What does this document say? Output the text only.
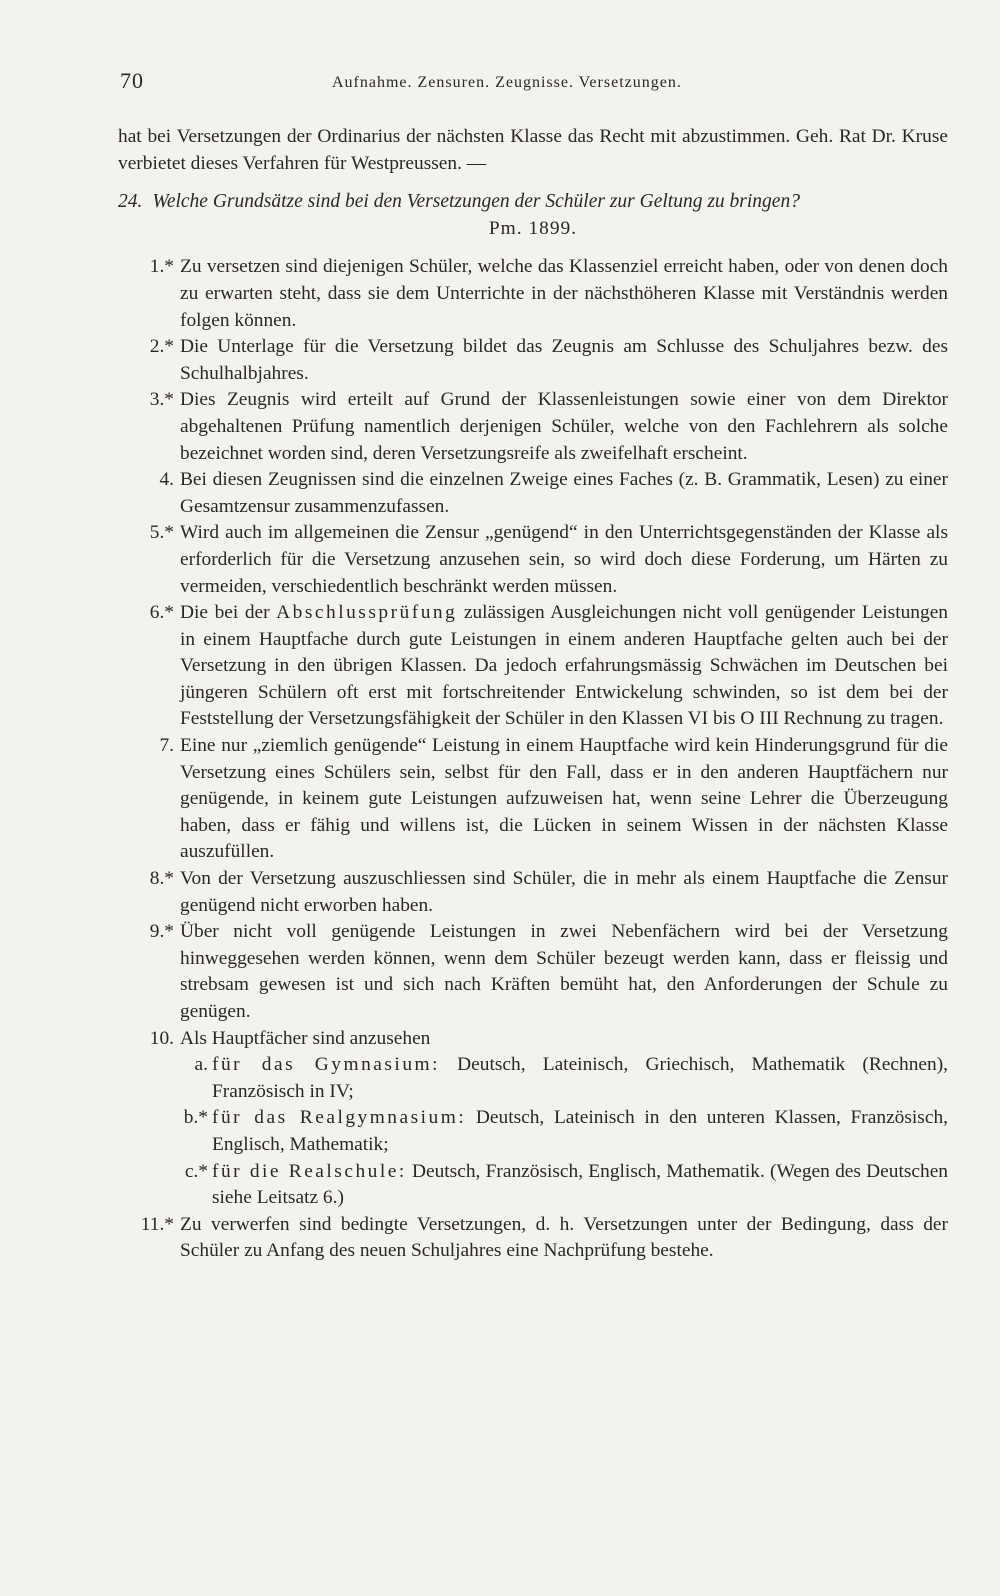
70	Aufnahme. Zensuren. Zeugnisse. Versetzungen.

hat bei Versetzungen der Ordinarius der nächsten Klasse das Recht mit abzustimmen. Geh. Rat Dr. Kruse verbietet dieses Verfahren für Westpreussen. —

24. Welche Grundsätze sind bei den Versetzungen der Schüler zur Geltung zu bringen?

Pm. 1899.

1.* Zu versetzen sind diejenigen Schüler, welche das Klassenziel erreicht haben, oder von denen doch zu erwarten steht, dass sie dem Unterrichte in der nächsthöheren Klasse mit Verständnis werden folgen können.
2.* Die Unterlage für die Versetzung bildet das Zeugnis am Schlusse des Schuljahres bezw. des Schulhalbjahres.
3.* Dies Zeugnis wird erteilt auf Grund der Klassenleistungen sowie einer von dem Direktor abgehaltenen Prüfung namentlich derjenigen Schüler, welche von den Fachlehrern als solche bezeichnet worden sind, deren Versetzungsreife als zweifelhaft erscheint.
4. Bei diesen Zeugnissen sind die einzelnen Zweige eines Faches (z. B. Grammatik, Lesen) zu einer Gesamtzensur zusammenzufassen.
5.* Wird auch im allgemeinen die Zensur „genügend“ in den Unterrichtsgegenständen der Klasse als erforderlich für die Versetzung anzusehen sein, so wird doch diese Forderung, um Härten zu vermeiden, verschiedentlich beschränkt werden müssen.
6.* Die bei der Abschlussprüfung zulässigen Ausgleichungen nicht voll genügender Leistungen in einem Hauptfache durch gute Leistungen in einem anderen Hauptfache gelten auch bei der Versetzung in den übrigen Klassen. Da jedoch erfahrungsmässig Schwächen im Deutschen bei jüngeren Schülern oft erst mit fortschreitender Entwickelung schwinden, so ist dem bei der Feststellung der Versetzungsfähigkeit der Schüler in den Klassen VI bis O III Rechnung zu tragen.
7. Eine nur „ziemlich genügende“ Leistung in einem Hauptfache wird kein Hinderungsgrund für die Versetzung eines Schülers sein, selbst für den Fall, dass er in den anderen Hauptfächern nur genügende, in keinem gute Leistungen aufzuweisen hat, wenn seine Lehrer die Überzeugung haben, dass er fähig und willens ist, die Lücken in seinem Wissen in der nächsten Klasse auszufüllen.
8.* Von der Versetzung auszuschliessen sind Schüler, die in mehr als einem Hauptfache die Zensur genügend nicht erworben haben.
9.* Über nicht voll genügende Leistungen in zwei Nebenfächern wird bei der Versetzung hinweggesehen werden können, wenn dem Schüler bezeugt werden kann, dass er fleissig und strebsam gewesen ist und sich nach Kräften bemüht hat, den Anforderungen der Schule zu genügen.
10. Als Hauptfächer sind anzusehen
a. für das Gymnasium: Deutsch, Lateinisch, Griechisch, Mathematik (Rechnen), Französisch in IV;
b.* für das Realgymnasium: Deutsch, Lateinisch in den unteren Klassen, Französisch, Englisch, Mathematik;
c.* für die Realschule: Deutsch, Französisch, Englisch, Mathematik. (Wegen des Deutschen siehe Leitsatz 6.)
11.* Zu verwerfen sind bedingte Versetzungen, d. h. Versetzungen unter der Bedingung, dass der Schüler zu Anfang des neuen Schuljahres eine Nachprüfung bestehe.
